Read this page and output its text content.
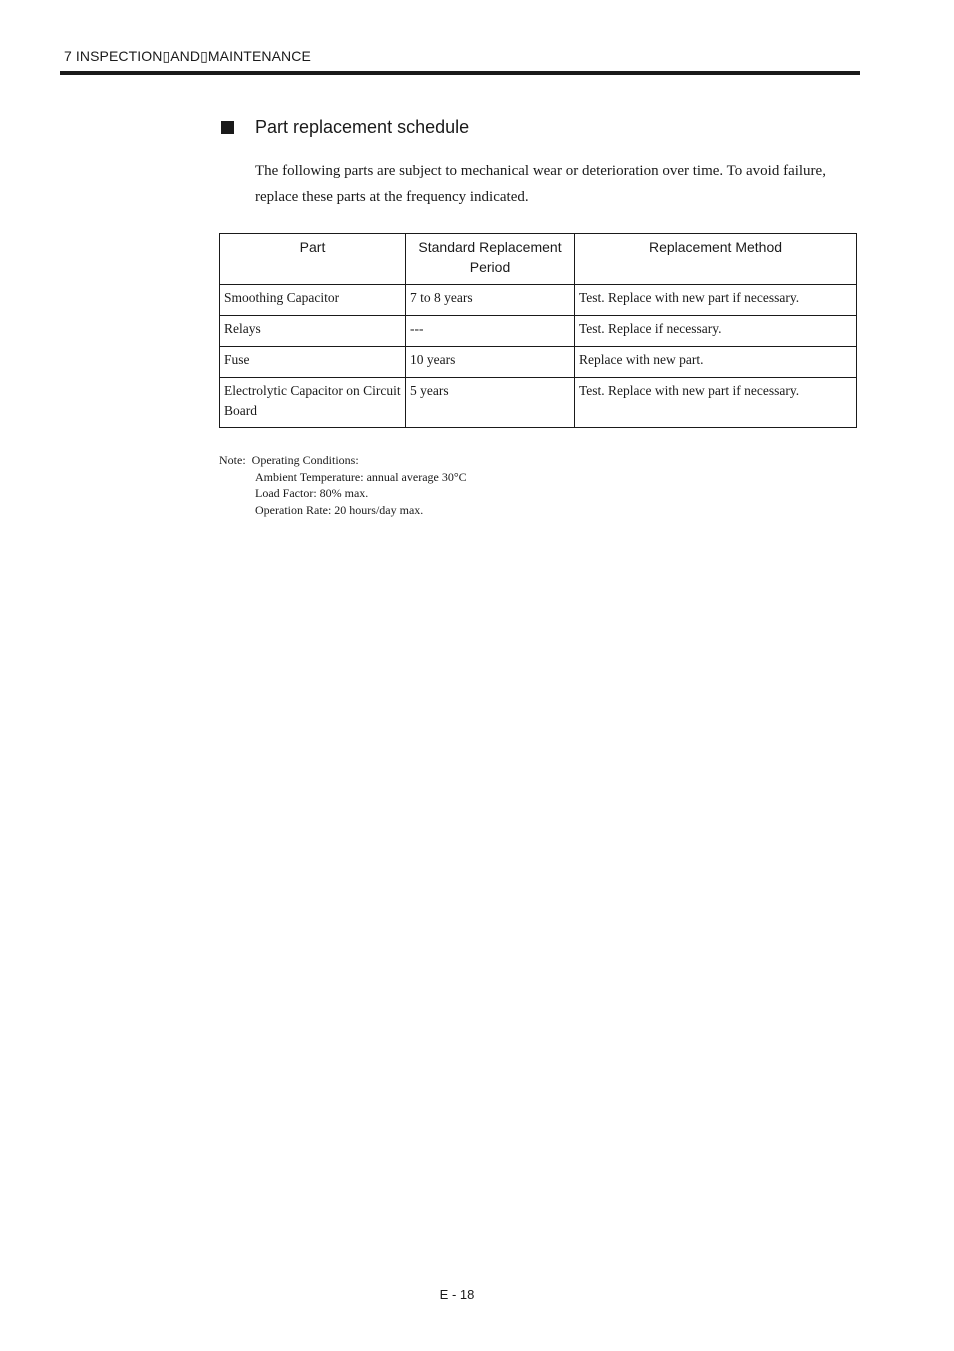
7 INSPECTION▯AND▯MAINTENANCE
Part replacement schedule

The following parts are subject to mechanical wear or deterioration over time. To avoid failure, replace these parts at the frequency indicated.

Part	Standard Replacement Period	Replacement Method
Smoothing Capacitor	7 to 8 years	Test. Replace with new part if necessary.
Relays	---	Test. Replace if necessary.
Fuse	10 years	Replace with new part.
Electrolytic Capacitor on Circuit Board	5 years	Test. Replace with new part if necessary.
Note:  Operating Conditions:
Ambient Temperature: annual average 30°C
Load Factor: 80% max.
Operation Rate: 20 hours/day max.
E - 18
